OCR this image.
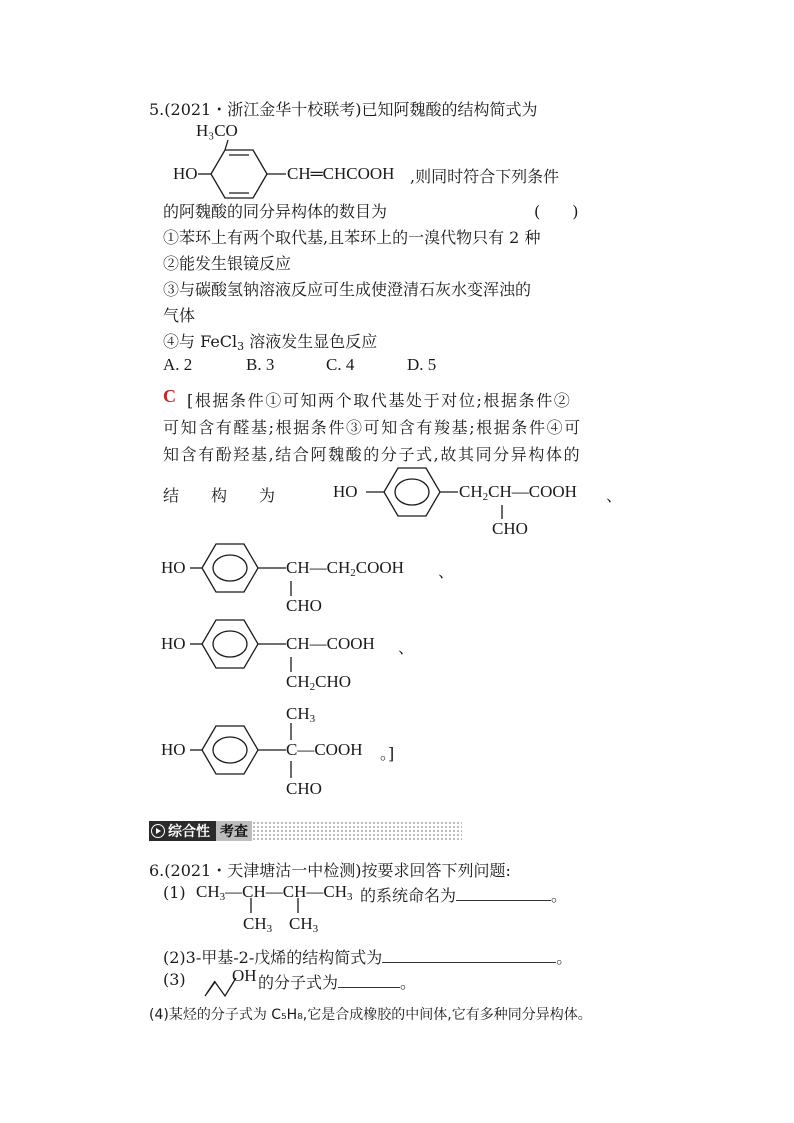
5.(2021・浙江金华十校联考)已知阿魏酸的结构简式为
H₃CO
HO	CH═CHCOOH ,则同时符合下列条件
的阿魏酸的同分异构体的数目为	(　　)
①苯环上有两个取代基,且苯环上的一溴代物只有 2 种
②能发生银镜反应
③与碳酸氢钠溶液反应可生成使澄清石灰水变浑浊的
气体
④与 FeCl$_3$ 溶液发生显色反应
A. 2	B. 3	C. 4	D. 5
C [根据条件①可知两个取代基处于对位;根据条件②
可知含有醛基;根据条件③可知含有羧基;根据条件④可
知含有酚羟基,结合阿魏酸的分子式,故其同分异构体的
结　　构　　为	HO	$CH_2CH—COOH$ 、
CHO
HO	$CH—CH_2COOH$ 、
CHO
HO	CH—COOH 、
$CH_2CHO$
$CH_3$
HO	C—COOH 。]
CHO
综合性 考查
6.(2021・天津塘沽一中检测)按要求回答下列问题:
(1) $CH_3—CH—CH—CH_3$ 的系统命名为	。
$CH_3$ $CH_3$
(2)3-甲基-2-戊烯的结构简式为	。
(3)	OH 的分子式为	。
(4)某烃的分子式为 C₅H₈,它是合成橡胶的中间体,它有多种同分异构体。
